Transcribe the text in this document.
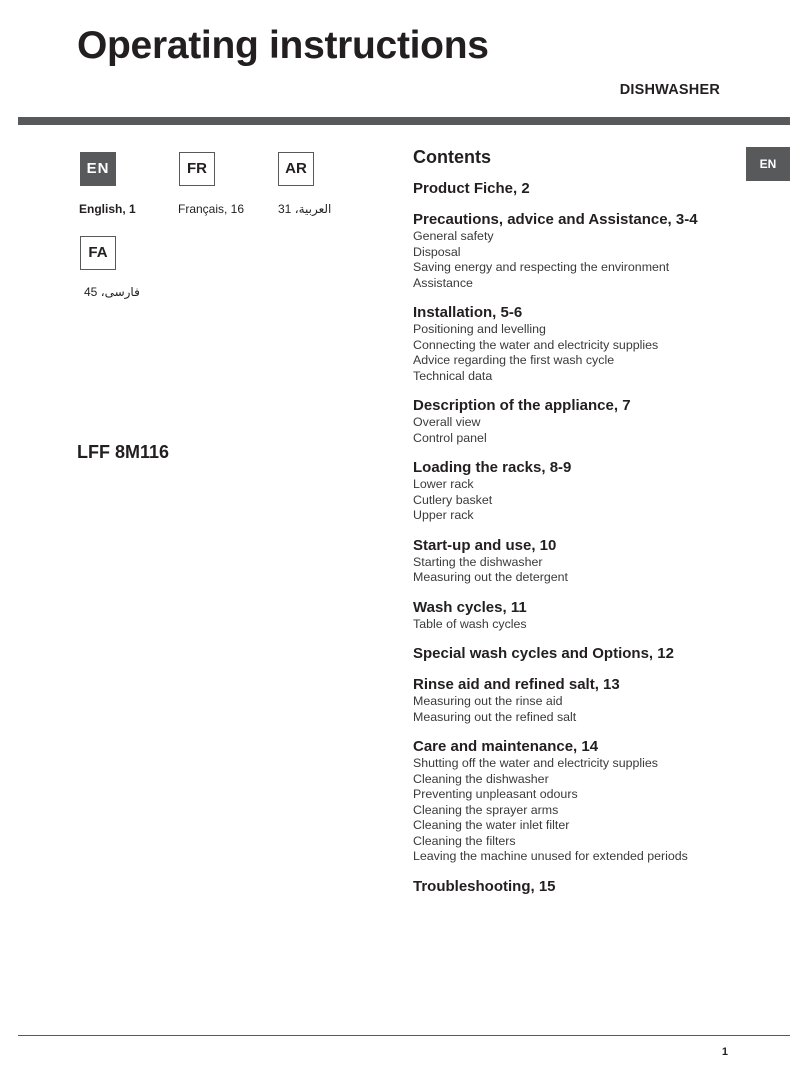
Operating instructions
DISHWASHER
EN
English, 1
FR
Français, 16
AR
العربية، 31
FA
فارسی، 45
LFF 8M116
Contents
Product Fiche, 2
Precautions, advice and Assistance, 3-4
General safety
Disposal
Saving energy and respecting the environment
Assistance
Installation, 5-6
Positioning and levelling
Connecting the water and electricity supplies
Advice regarding the first wash cycle
Technical data
Description of the appliance, 7
Overall view
Control panel
Loading the racks, 8-9
Lower rack
Cutlery basket
Upper rack
Start-up and use, 10
Starting the dishwasher
Measuring out the detergent
Wash cycles, 11
Table of wash cycles
Special wash cycles and Options, 12
Rinse aid and refined salt, 13
Measuring out the rinse aid
Measuring out the refined salt
Care and maintenance, 14
Shutting off the water and electricity supplies
Cleaning the dishwasher
Preventing unpleasant odours
Cleaning the sprayer arms
Cleaning the water inlet filter
Cleaning the filters
Leaving the machine unused for extended periods
Troubleshooting, 15
EN
1
